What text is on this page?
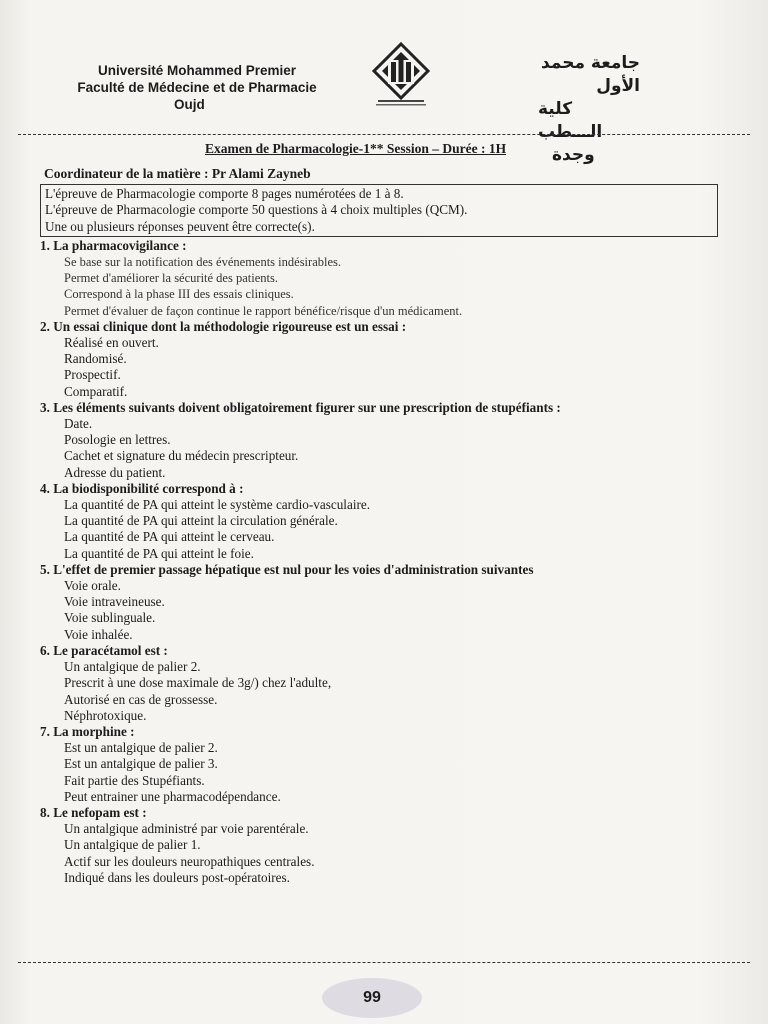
Université Mohammed Premier
Faculté de Médecine et de Pharmacie
Oujd
جامعة محمد الأول
كلية الـــطب
وجدة
Examen de Pharmacologie-1** Session – Durée : 1H
Coordinateur de la matière : Pr Alami Zayneb
L'épreuve de Pharmacologie comporte 8 pages numérotées de 1 à 8.
L'épreuve de Pharmacologie comporte 50 questions à 4 choix multiples (QCM).
Une ou plusieurs réponses peuvent être correcte(s).
1. La pharmacovigilance :
Se base sur la notification des événements indésirables.
Permet d'améliorer la sécurité des patients.
Correspond à la phase III des essais cliniques.
Permet d'évaluer de façon continue le rapport bénéfice/risque d'un médicament.
2. Un essai clinique dont la méthodologie rigoureuse est un essai :
Réalisé en ouvert.
Randomisé.
Prospectif.
Comparatif.
3. Les éléments suivants doivent obligatoirement figurer sur une prescription de stupéfiants :
Date.
Posologie en lettres.
Cachet et signature du médecin prescripteur.
Adresse du patient.
4. La biodisponibilité correspond à :
La quantité de PA qui atteint le système cardio-vasculaire.
La quantité de PA qui atteint la circulation générale.
La quantité de PA qui atteint le cerveau.
La quantité de PA qui atteint le foie.
5. L'effet de premier passage hépatique est nul pour les voies d'administration suivantes
Voie orale.
Voie intraveineuse.
Voie sublinguale.
Voie inhalée.
6. Le paracétamol est :
Un antalgique de palier 2.
Prescrit à une dose maximale de 3g/) chez l'adulte,
Autorisé en cas de grossesse.
Néphrotoxique.
7. La morphine :
Est un antalgique de palier 2.
Est un antalgique de palier 3.
Fait partie des Stupéfiants.
Peut entrainer une pharmacodépendance.
8. Le nefopam est :
Un antalgique administré par voie parentérale.
Un antalgique de palier 1.
Actif sur les douleurs neuropathiques centrales.
Indiqué dans les douleurs post-opératoires.
99
